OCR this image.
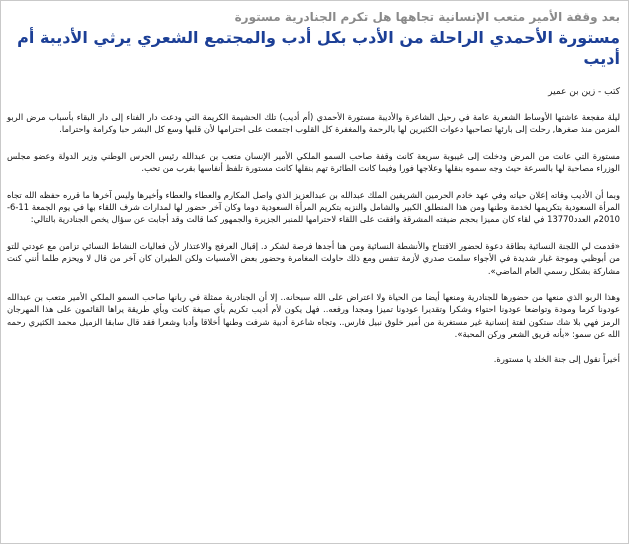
بعد وقفة الأمير متعب الإنسانية تجاهها هل تكرم الجنادرية مستورة
مستورة الأحمدي الراحلة من الأدب بكل أدب والمجتمع الشعري يرثي الأديبة أم أديب
كتب - زين بن عمير

ليلة مفجعة عاشتها الأوساط الشعرية عامة في رحيل الشاعرة والأديبة مستورة الأحمدي (أم أديب) تلك الحشيمة الكريمة التي ودعت دار الفناء إلى دار البقاء بأسباب مرض الربو المزمن منذ صغرها, رحلت إلى بارئها تصاحبها دعوات الكثيرين لها بالرحمة والمغفرة كل القلوب اجتمعت على احترامها لأن قلبها وسع كل البشر حبا وكرامة واحتراما.

مستورة التي عانت من المرض ودخلت إلى غيبوبة سريعة كانت وقفة صاحب السمو الملكي الأمير الإنسان متعب بن عبدالله رئيس الحرس الوطني وزير الدولة وعضو مجلس الوزراء مصاحبة لها بالسرعة حيث وجه سموه بنقلها وعلاجها فورا وفيما كانت الطائرة تهم بنقلها كانت مستورة تلفظ أنفاسها بقرب من تحب.

وبما أن الأديب وفاته إعلان حياته وفي عهد خادم الحرمين الشريفين الملك عبدالله بن عبدالعزيز الذي واصل المكارم والعطاء والعطاء وأخيرها وليس آخرها ما قرره حفظه الله تجاه المرأة السعودية بتكريمها لخدمة وطنها ومن هذا المنطلق الكبير والشامل والنزيه بتكريم المرأة السعودية دوما وكان آخر حضور لها لمدارات شرف اللقاء بها في يوم الجمعة 11-6-2010م العدد13770 في لقاء كان مميزا بحجم ضيفته المشرقة وافقت على اللقاء لاحترامها للمنبر الجزيرة والجمهور كما قالت وقد أجابت عن سؤال يخص الجنادرية بالتالي:

«قدمت لي اللجنة النسائية بطاقة دعوة لحضور الافتتاح والأنشطة النسائية ومن هنا أجدها فرصة لشكر د. إقبال العرفج والاعتذار لأن فعاليات النشاط النسائي تزامن مع عودتي للتو من أبوظبي وموجة غبار شديدة في الأجواء سلمت صدري لأزمة تنفس ومع ذلك حاولت المغامرة وحضور بعض الأمسيات ولكن الطيران كان آخر من قال لا ويحزم طلما أنني كنت مشاركة بشكل رسمي العام الماضي».

وهذا الربو الذي منعها من حضورها للجنادرية ومنعها أيضا من الحياة ولا اعتراض على الله سبحانه.. إلا أن الجنادرية ممثلة في ربانها صاحب السمو الملكي الأمير متعب بن عبدالله عودونا كرما ومودة وتواضعا عودونا احتواء وشكرا وتقديرا عودونا تميزا ومجدا ورفعه.. فهل يكون لأم أديب تكريم بأي صيغة كانت وبأي طريقة يراها القائمون على هذا المهرجان الرمز فهي بلا شك ستكون لفتة إنسانية غير مستغربة من أمير خلوق نبيل فارس.. وتجاه شاعرة أدبية شرفت وطنها أخلاقا وأدبا وشعرا فقد قال سابقا الزميل محمد الكثيري رحمه الله عن سمو: «بأنه فريق الشعر وركن المحبة».

أخيراً نقول إلى جنة الخلد يا مستورة.
